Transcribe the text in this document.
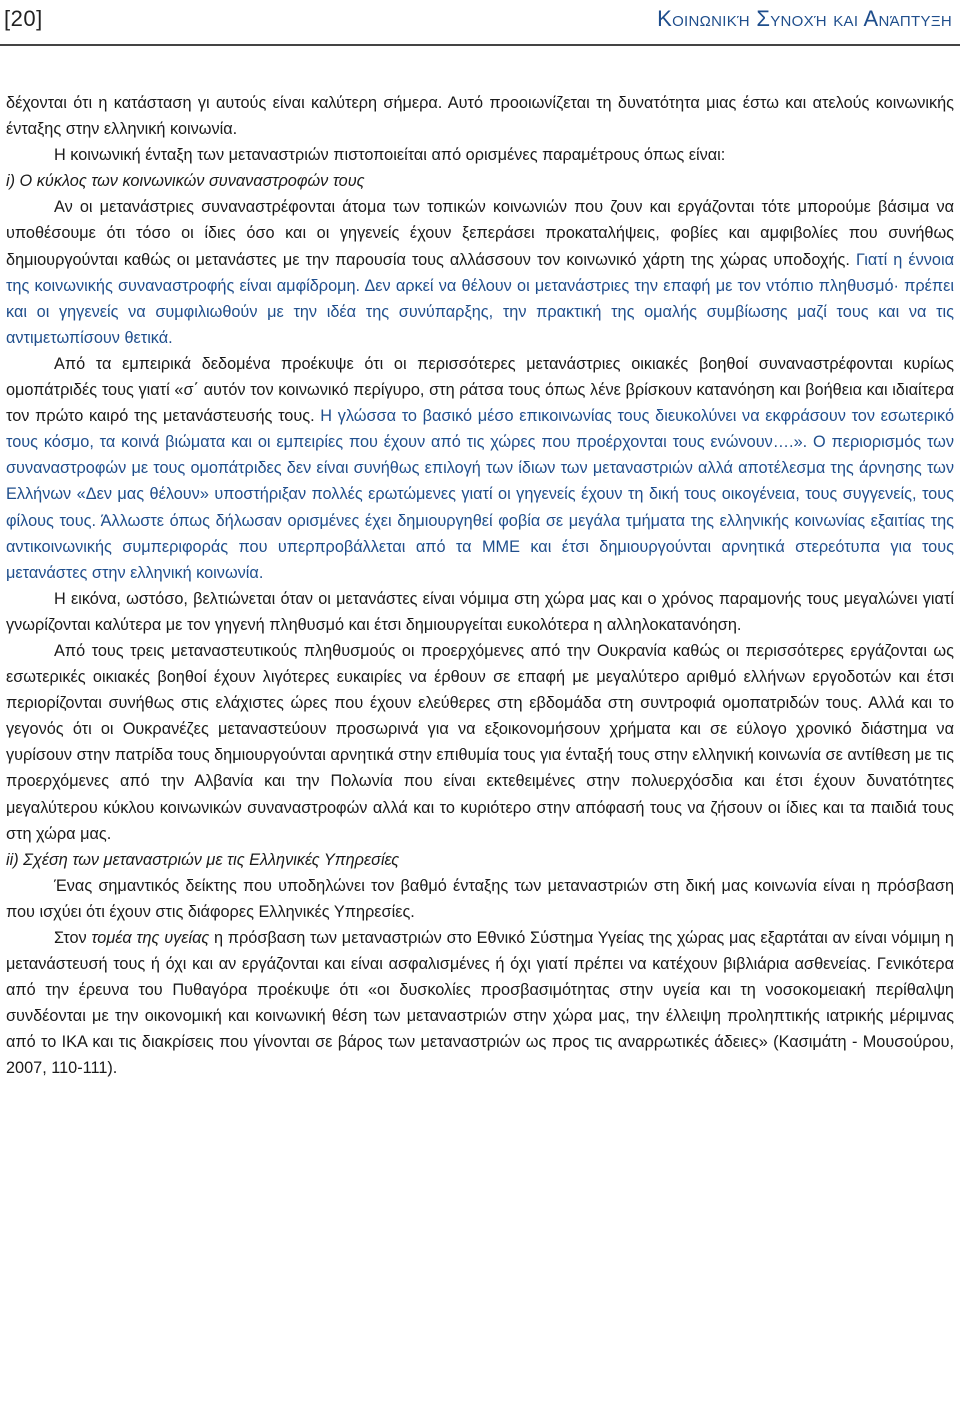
[20]	Κοινωνική Συνοχή και Ανάπτυξη

δέχονται ότι η κατάσταση γι αυτούς είναι καλύτερη σήμερα. Αυτό προοιωνίζεται τη δυνατότητα μιας έστω και ατελούς κοινωνικής ένταξης στην ελληνική κοινωνία.

Η κοινωνική ένταξη των μεταναστριών πιστοποιείται από ορισμένες παραμέτρους όπως είναι:

i) Ο κύκλος των κοινωνικών συναναστροφών τους

Αν οι μετανάστριες συναναστρέφονται άτομα των τοπικών κοινωνιών που ζουν και εργάζονται τότε μπορούμε βάσιμα να υποθέσουμε ότι τόσο οι ίδιες όσο και οι γηγενείς έχουν ξεπεράσει προκαταλήψεις, φοβίες και αμφιβολίες που συνήθως δημιουργούνται καθώς οι μετανάστες με την παρουσία τους αλλάσσουν τον κοινωνικό χάρτη της χώρας υποδοχής. Γιατί η έννοια της κοινωνικής συναναστροφής είναι αμφίδρομη. Δεν αρκεί να θέλουν οι μετανάστριες την επαφή με τον ντόπιο πληθυσμό· πρέπει και οι γηγενείς να συμφιλιωθούν με την ιδέα της συνύπαρξης, την πρακτική της ομαλής συμβίωσης μαζί τους και να τις αντιμετωπίσουν θετικά.

Από τα εμπειρικά δεδομένα προέκυψε ότι οι περισσότερες μετανάστριες οικιακές βοηθοί συναναστρέφονται κυρίως ομοπάτριδές τους γιατί «σ΄ αυτόν τον κοινωνικό περίγυρο, στη ράτσα τους όπως λένε βρίσκουν κατανόηση και βοήθεια και ιδιαίτερα τον πρώτο καιρό της μετανάστευσής τους. Η γλώσσα το βασικό μέσο επικοινωνίας τους διευκολύνει να εκφράσουν τον εσωτερικό τους κόσμο, τα κοινά βιώματα και οι εμπειρίες που έχουν από τις χώρες που προέρχονται τους ενώνουν….». Ο περιορισμός των συναναστροφών με τους ομοπάτριδες δεν είναι συνήθως επιλογή των ίδιων των μεταναστριών αλλά αποτέλεσμα της άρνησης των Ελλήνων «Δεν μας θέλουν» υποστήριξαν πολλές ερωτώμενες γιατί οι γηγενείς έχουν τη δική τους οικογένεια, τους συγγενείς, τους φίλους τους. Άλλωστε όπως δήλωσαν ορισμένες έχει δημιουργηθεί φοβία σε μεγάλα τμήματα της ελληνικής κοινωνίας εξαιτίας της αντικοινωνικής συμπεριφοράς που υπερπροβάλλεται από τα ΜΜΕ και έτσι δημιουργούνται αρνητικά στερεότυπα για τους μετανάστες στην ελληνική κοινωνία.

Η εικόνα, ωστόσο, βελτιώνεται όταν οι μετανάστες είναι νόμιμα στη χώρα μας και ο χρόνος παραμονής τους μεγαλώνει γιατί γνωρίζονται καλύτερα με τον γηγενή πληθυσμό και έτσι δημιουργείται ευκολότερα η αλληλοκατανόηση.

Από τους τρεις μεταναστευτικούς πληθυσμούς οι προερχόμενες από την Ουκρανία καθώς οι περισσότερες εργάζονται ως εσωτερικές οικιακές βοηθοί έχουν λιγότερες ευκαιρίες να έρθουν σε επαφή με μεγαλύτερο αριθμό ελλήνων εργοδοτών και έτσι περιορίζονται συνήθως στις ελάχιστες ώρες που έχουν ελεύθερες στη εβδομάδα στη συντροφιά ομοπατριδών τους. Αλλά και το γεγονός ότι οι Ουκρανέζες μεταναστεύουν προσωρινά για να εξοικονομήσουν χρήματα και σε εύλογο χρονικό διάστημα να γυρίσουν στην πατρίδα τους δημιουργούνται αρνητικά στην επιθυμία τους για ένταξή τους στην ελληνική κοινωνία σε αντίθεση με τις προερχόμενες από την Αλβανία και την Πολωνία που είναι εκτεθειμένες στην πολυερχόσδια και έτσι έχουν δυνατότητες μεγαλύτερου κύκλου κοινωνικών συναναστροφών αλλά και το κυριότερο στην απόφασή τους να ζήσουν οι ίδιες και τα παιδιά τους στη χώρα μας.

ii) Σχέση των μεταναστριών με τις Ελληνικές Υπηρεσίες

Ένας σημαντικός δείκτης που υποδηλώνει τον βαθμό ένταξης των μεταναστριών στη δική μας κοινωνία είναι η πρόσβαση που ισχύει ότι έχουν στις διάφορες Ελληνικές Υπηρεσίες.

Στον τομέα της υγείας η πρόσβαση των μεταναστριών στο Εθνικό Σύστημα Υγείας της χώρας μας εξαρτάται αν είναι νόμιμη η μετανάστευσή τους ή όχι και αν εργάζονται και είναι ασφαλισμένες ή όχι γιατί πρέπει να κατέχουν βιβλιάρια ασθενείας. Γενικότερα από την έρευνα του Πυθαγόρα προέκυψε ότι «οι δυσκολίες προσβασιμότητας στην υγεία και τη νοσοκομειακή περίθαλψη συνδέονται με την οικονομική και κοινωνική θέση των μεταναστριών στην χώρα μας, την έλλειψη προληπτικής ιατρικής μέριμνας από το ΙΚΑ και τις διακρίσεις που γίνονται σε βάρος των μεταναστριών ως προς τις αναρρωτικές άδειες» (Κασιμάτη - Μουσούρου, 2007, 110-111).
